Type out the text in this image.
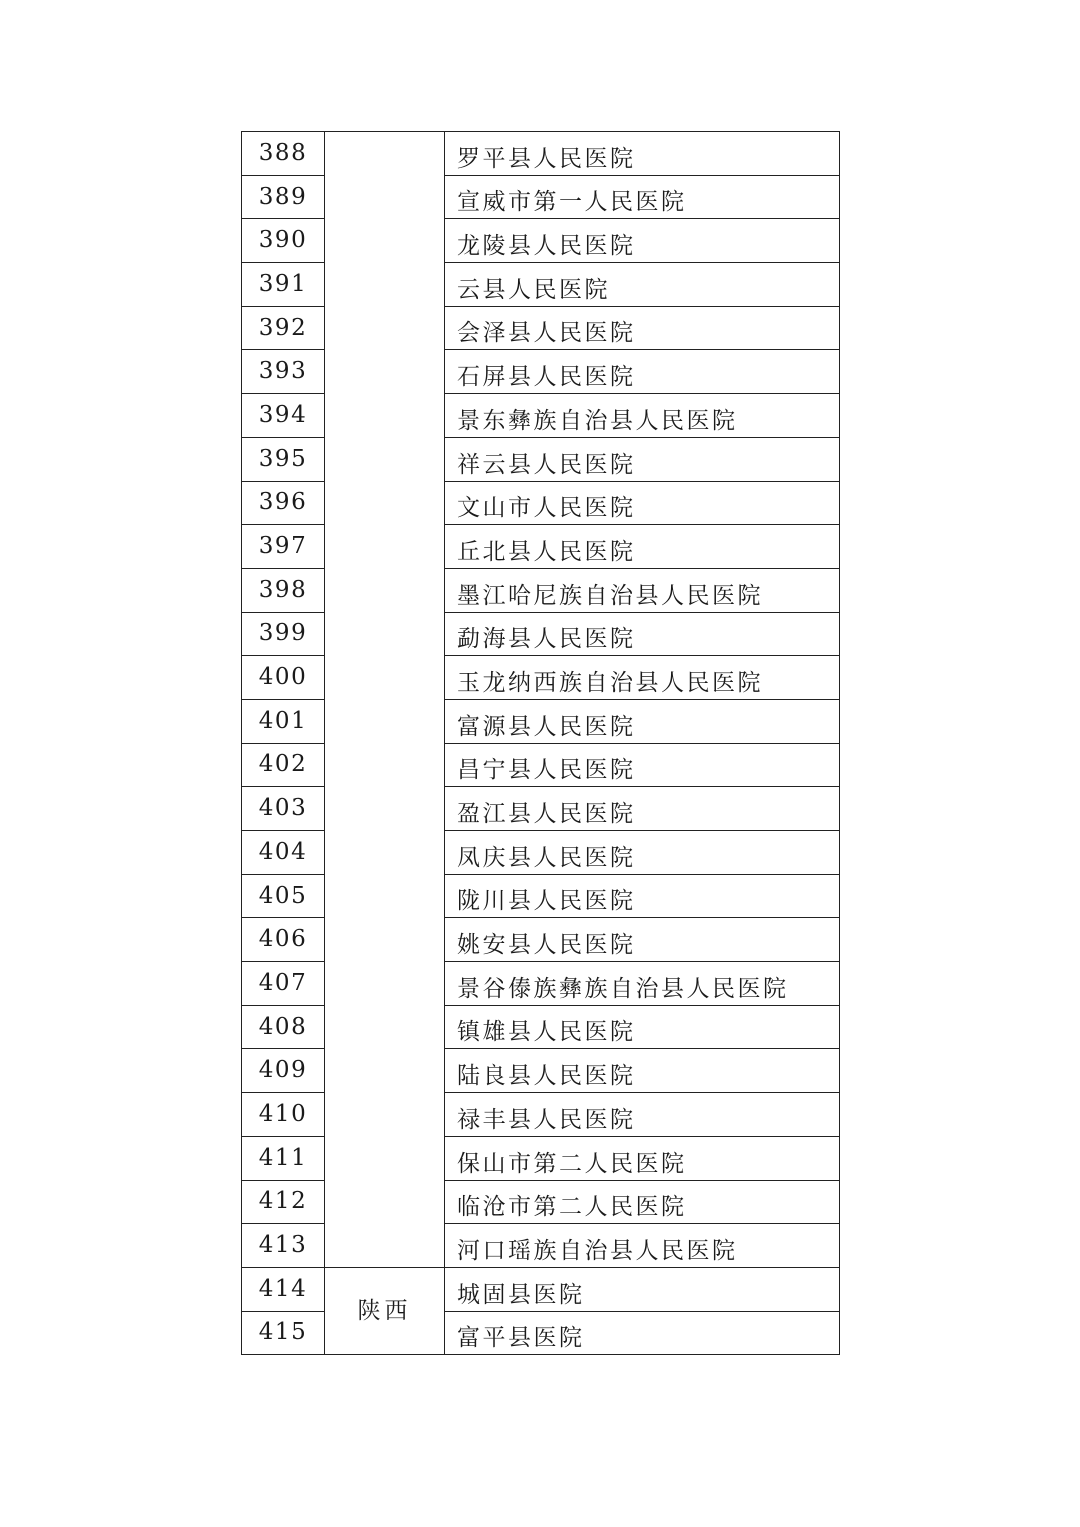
388		罗平县人民医院
389		宣威市第一人民医院
390		龙陵县人民医院
391		云县人民医院
392		会泽县人民医院
393		石屏县人民医院
394		景东彝族自治县人民医院
395		祥云县人民医院
396		文山市人民医院
397		丘北县人民医院
398		墨江哈尼族自治县人民医院
399		勐海县人民医院
400		玉龙纳西族自治县人民医院
401		富源县人民医院
402		昌宁县人民医院
403		盈江县人民医院
404		凤庆县人民医院
405		陇川县人民医院
406		姚安县人民医院
407		景谷傣族彝族自治县人民医院
408		镇雄县人民医院
409		陆良县人民医院
410		禄丰县人民医院
411		保山市第二人民医院
412		临沧市第二人民医院
413		河口瑶族自治县人民医院
414	陕西	城固县医院
415		富平县医院
